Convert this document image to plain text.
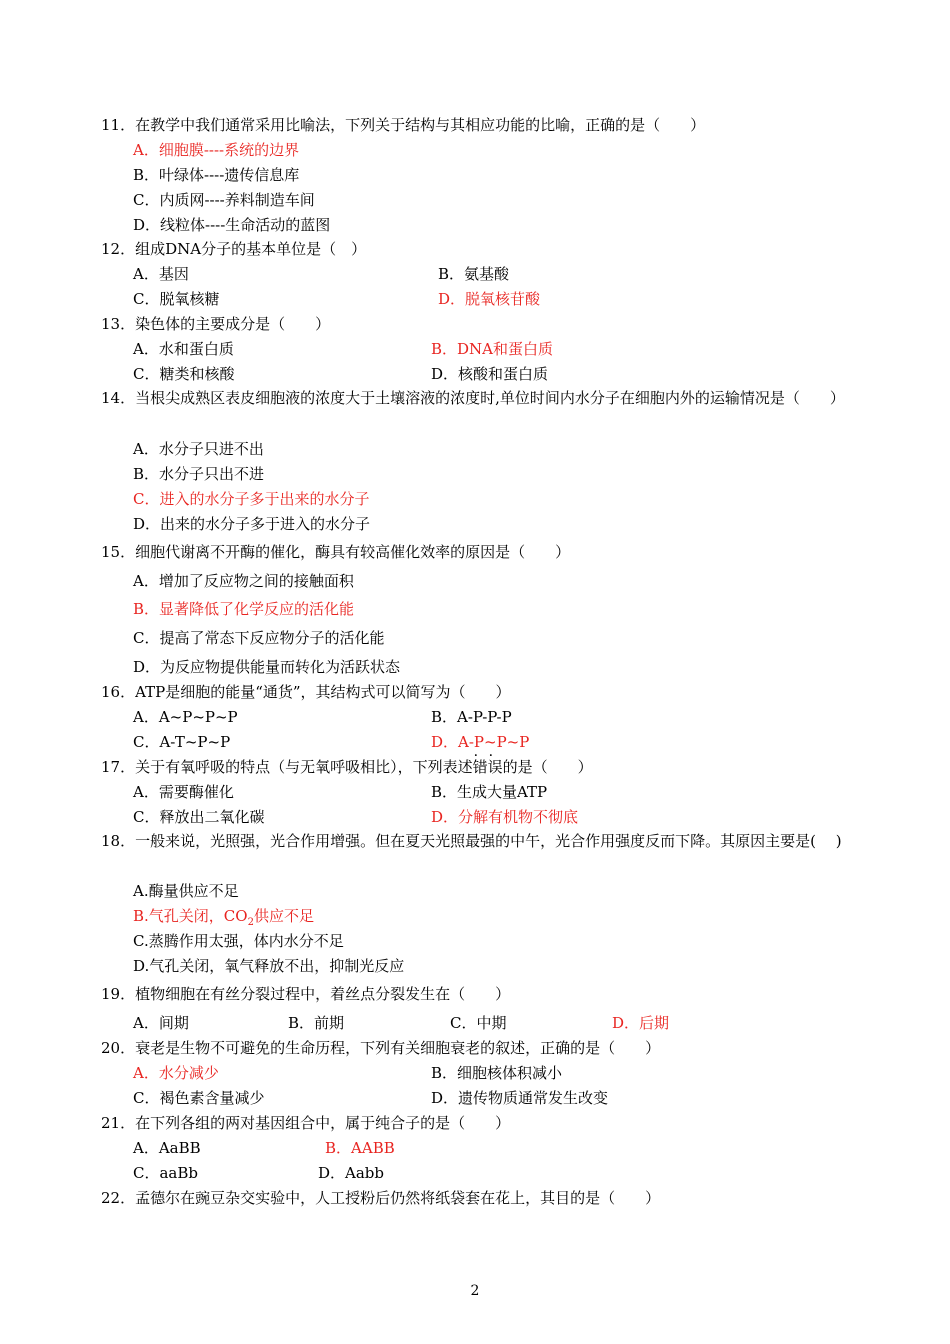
11．在教学中我们通常采用比喻法，下列关于结构与其相应功能的比喻，正确的是（　　）
A．细胞膜----系统的边界
B．叶绿体----遗传信息库
C．内质网----养料制造车间
D．线粒体----生命活动的蓝图
12．组成DNA分子的基本单位是（　）
A．基因	B．氨基酸
C．脱氧核糖	D．脱氧核苷酸
13．染色体的主要成分是（　　）
A．水和蛋白质	B．DNA和蛋白质
C．糖类和核酸	D．核酸和蛋白质
14．当根尖成熟区表皮细胞液的浓度大于土壤溶液的浓度时,单位时间内水分子在细胞内外的运输情况是（　　）
A．水分子只进不出
B．水分子只出不进
C．进入的水分子多于出来的水分子
D．出来的水分子多于进入的水分子
15．细胞代谢离不开酶的催化，酶具有较高催化效率的原因是（　　）
A．增加了反应物之间的接触面积
B．显著降低了化学反应的活化能
C．提高了常态下反应物分子的活化能
D．为反应物提供能量而转化为活跃状态
16．ATP是细胞的能量“通货”，其结构式可以简写为（　　）
A．A~P~P~P	B．A-P-P-P
C．A-T~P~P	D．A-P~P~P
17．关于有氧呼吸的特点（与无氧呼吸相比），下列表述错误的是（　　）
A．需要酶催化	B．生成大量ATP
C．释放出二氧化碳	D．分解有机物不彻底
18．一般来说，光照强，光合作用增强。但在夏天光照最强的中午，光合作用强度反而下降。其原因主要是(　 )
A.酶量供应不足
B.气孔关闭，$CO_2$供应不足
C.蒸腾作用太强，体内水分不足
D.气孔关闭，氧气释放不出，抑制光反应
19．植物细胞在有丝分裂过程中，着丝点分裂发生在（　　）
A．间期	B．前期	C．中期	D．后期
20．衰老是生物不可避免的生命历程，下列有关细胞衰老的叙述，正确的是（　　）
A．水分减少	B．细胞核体积减小
C．褐色素含量减少	D．遗传物质通常发生改变
21．在下列各组的两对基因组合中，属于纯合子的是（　　）
A．AaBB	B．AABB
C．aaBb	D．Aabb
22．孟德尔在豌豆杂交实验中，人工授粉后仍然将纸袋套在花上，其目的是（　　）
2
